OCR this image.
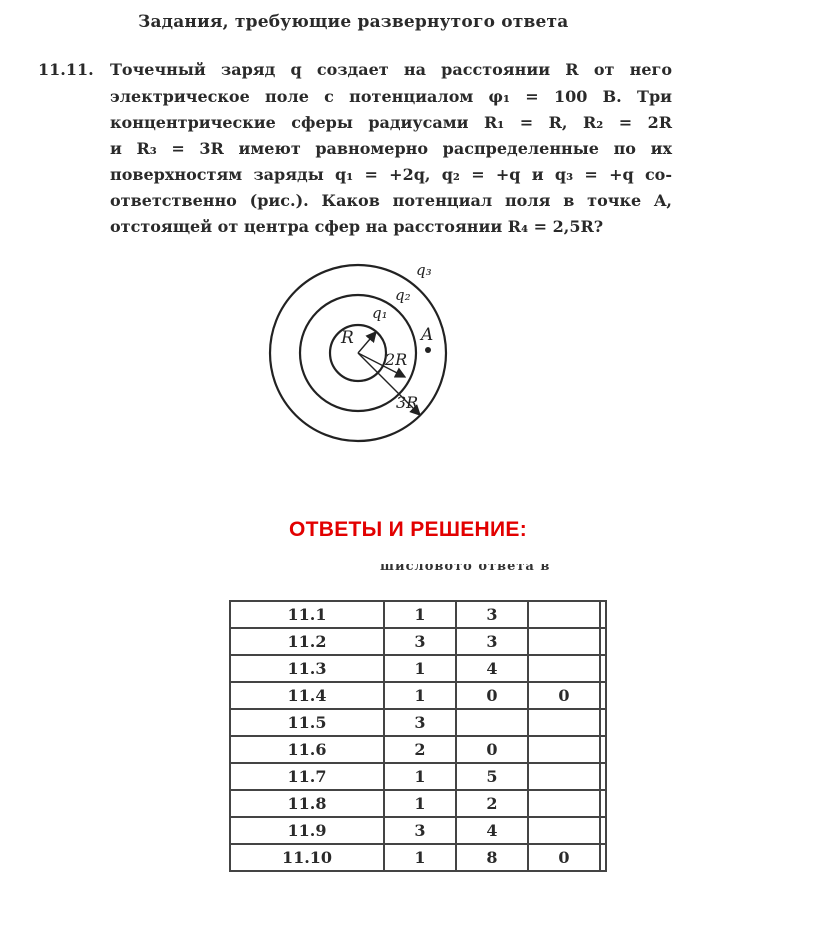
Задания, требующие развернутого ответа
11.11. Точечный заряд q создает на расстоянии R от него
электрическое поле с потенциалом φ₁ = 100 В. Три
концентрические сферы радиусами R₁ = R, R₂ = 2R
и R₃ = 3R имеют равномерно распределенные по их
поверхностям заряды q₁ = +2q, q₂ = +q и q₃ = +q со-
ответственно (рис.). Каков потенциал поля в точке A,
отстоящей от центра сфер на расстоянии R₄ = 2,5R?
R
2R
3R
q₁
q₂
q₃
A
ОТВЕТЫ И РЕШЕНИЕ:
шисловото ответа в
11.1	1	3		
11.2	3	3		
11.3	1	4		
11.4	1	0	0	
11.5	3			
11.6	2	0		
11.7	1	5		
11.8	1	2		
11.9	3	4		
11.10	1	8	0	
